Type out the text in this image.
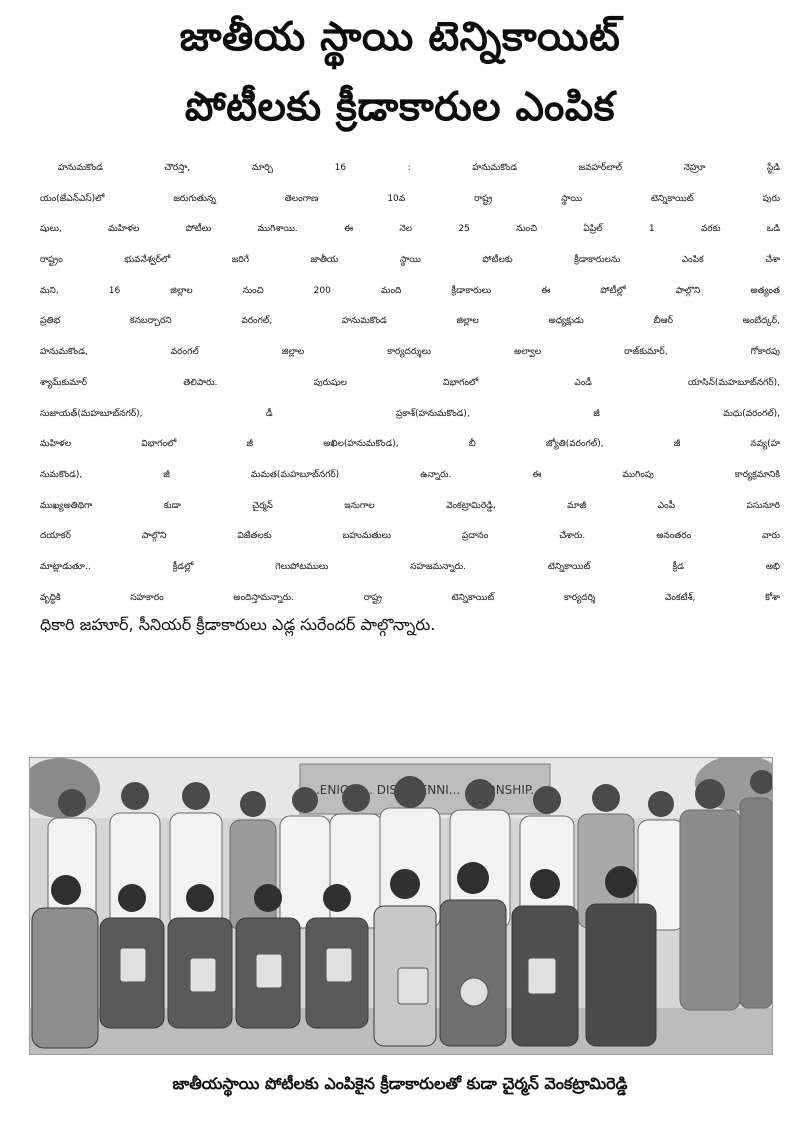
జాతీయ స్థాయి టెన్నికాయిట్
పోటీలకు క్రీడాకారుల ఎంపిక
హనుమకొండ చౌరస్తా, మార్చి 16 : హనుమకొండ జవహర్‌లాల్ నెహ్రూ స్టేడి
యం(జేఎన్‌ఎస్)లో జరుగుతున్న తెలంగాణ 10వ రాష్ట్ర స్థాయి టెన్నికాయిట్ పురు
షులు, మహిళల పోటీలు ముగిశాయి. ఈ నెల 25 నుంచి ఏప్రిల్ 1 వరకు ఒడి
రాష్ట్రం భువనేశ్వర్‌లో జరిగే జాతీయ స్థాయి పోటీలకు క్రీడాకారులను ఎంపిక చేశా
మని, 16 జిల్లాల నుంచి 200 మంది క్రీడాకారులు ఈ పోటీల్లో పాల్గొని అత్యంత
ప్రతిభ కనబర్చారని వరంగల్, హనుమకొండ జిల్లాల అధ్యక్షుడు బీఆర్ అంబేద్కర్,
హనుమకొండ, వరంగల్ జిల్లాల కార్యదర్శులు అల్వాల రాజ్‌కుమార్, గోకారపు
శ్యామ్‌కుమార్ తెలిపారు. పురుషుల విభాగంలో ఎండీ యాసిన్(మహబూబ్‌నగర్),
సుజాయత్(మహబూబ్‌నగర్), డీ ప్రకాశ్(హనుమకొండ), జీ మధు(వరంగల్),
మహిళల విభాగంలో జీ అఖిల(హనుమకొండ), బీ జ్యోతి(వరంగల్), జీ నవ్య(హ
నుమకొండ), జీ మమత(మహబూబ్‌నగర్) ఉన్నారు. ఈ ముగింపు కార్యక్రమానికి
ముఖ్యఅతిథిగా కుడా చైర్మన్ ఇనుగాల వెంకట్రామిరెడ్డి, మాజీ ఎంపీ పసునూరి
దయాకర్ పాల్గొని విజేతలకు బహుమతులు ప్రదానం చేశారు. అనంతరం వారు
మాట్లాడుతూ.. క్రీడల్లో గెలుపోటములు సహజమన్నారు. టెన్నికాయిట్ క్రీడ అభి
వృద్ధికి సహకారం అందిస్తామన్నారు. రాష్ట్ర టెన్నికాయిట్ కార్యదర్శి వెంకటేశ్, కోశా
ధికారి జహూర్, సీనియర్ క్రీడాకారులు ఎడ్ల సురేందర్ పాల్గొన్నారు.
...ENIOR DIS... TENNI... ...PIONSHIP...
జాతీయస్థాయి పోటీలకు ఎంపికైన క్రీడాకారులతో కుడా చైర్మన్ వెంకట్రామిరెడ్డి
